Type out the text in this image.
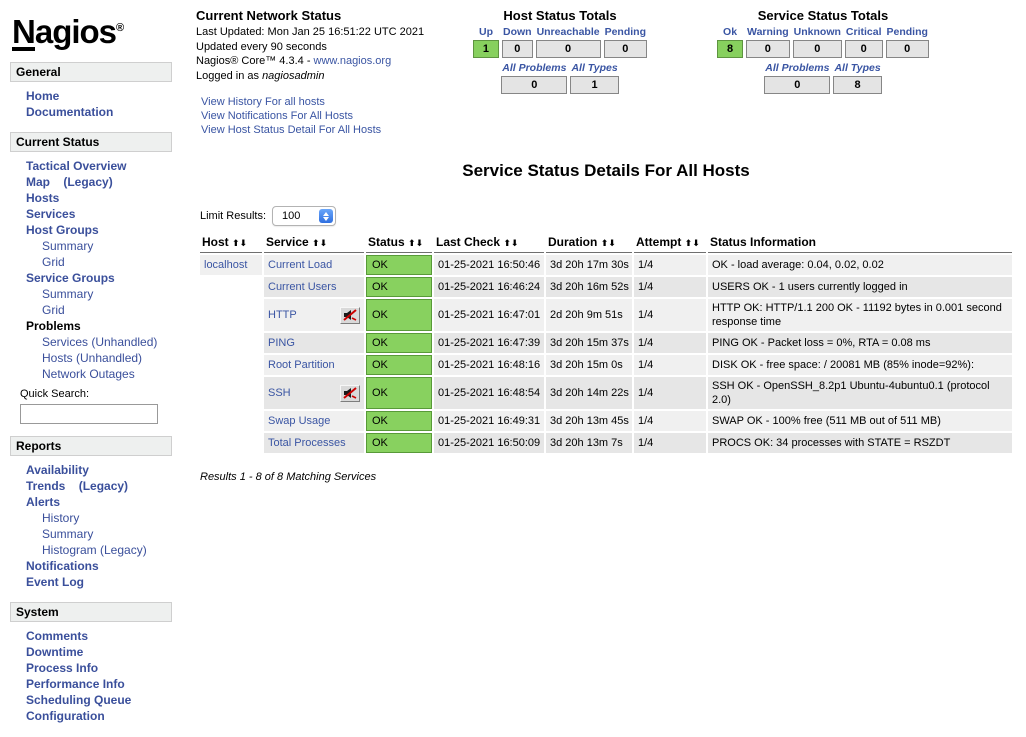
Nagios®
General
Home
Documentation
Current Status
Tactical Overview
Map (Legacy)
Hosts
Services
Host Groups
Summary
Grid
Service Groups
Summary
Grid
Problems
Services (Unhandled)
Hosts (Unhandled)
Network Outages
Quick Search:
Reports
Availability
Trends (Legacy)
Alerts
History
Summary
Histogram (Legacy)
Notifications
Event Log
System
Comments
Downtime
Process Info
Performance Info
Scheduling Queue
Configuration
Current Network Status
Last Updated: Mon Jan 25 16:51:22 UTC 2021
Updated every 90 seconds
Nagios® Core™ 4.3.4 - www.nagios.org
Logged in as nagiosadmin
View History For all hosts
View Notifications For All Hosts
View Host Status Detail For All Hosts
Host Status Totals
Up	Down	Unreachable	Pending
1	0	0	0
All Problems	All Types
0	1
Service Status Totals
Ok	Warning	Unknown	Critical	Pending
8	0	0	0	0
All Problems	All Types
0	8
Service Status Details For All Hosts
Limit Results: 100
Host ⬆⬇	Service ⬆⬇	Status ⬆⬇	Last Check ⬆⬇	Duration ⬆⬇	Attempt ⬆⬇	Status Information
localhost	Current Load	OK	01-25-2021 16:50:46	3d 20h 17m 30s	1/4	OK - load average: 0.04, 0.02, 0.02

	Current Users	OK	01-25-2021 16:46:24	3d 20h 16m 52s	1/4	USERS OK - 1 users currently logged in

	HTTP	OK	01-25-2021 16:47:01	2d 20h 9m 51s	1/4	HTTP OK: HTTP/1.1 200 OK - 11192 bytes in 0.001 second response time

	PING	OK	01-25-2021 16:47:39	3d 20h 15m 37s	1/4	PING OK - Packet loss = 0%, RTA = 0.08 ms

	Root Partition	OK	01-25-2021 16:48:16	3d 20h 15m 0s	1/4	DISK OK - free space: / 20081 MB (85% inode=92%):

	SSH	OK	01-25-2021 16:48:54	3d 20h 14m 22s	1/4	SSH OK - OpenSSH_8.2p1 Ubuntu-4ubuntu0.1 (protocol 2.0)

	Swap Usage	OK	01-25-2021 16:49:31	3d 20h 13m 45s	1/4	SWAP OK - 100% free (511 MB out of 511 MB)

	Total Processes	OK	01-25-2021 16:50:09	3d 20h 13m 7s	1/4	PROCS OK: 34 processes with STATE = RSZDT
Results 1 - 8 of 8 Matching Services
